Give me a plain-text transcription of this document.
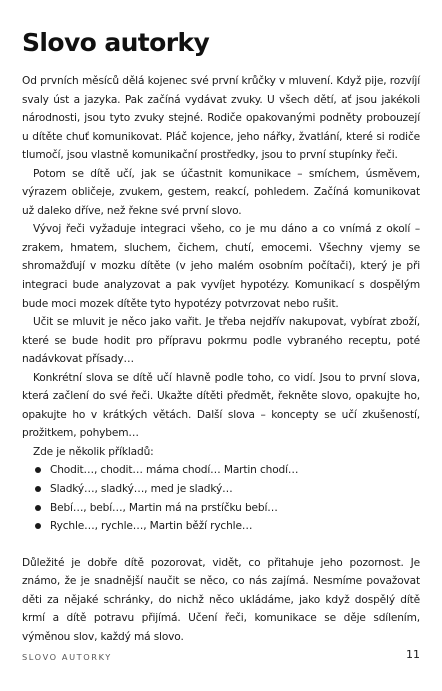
Slovo autorky

Od prvních měsíců dělá kojenec své první krůčky v mluvení. Když pije, rozvíjí svaly úst a jazyka. Pak začíná vydávat zvuky. U všech dětí, ať jsou jakékoli národnosti, jsou tyto zvuky stejné. Rodiče opakovanými podněty probouzejí u dítěte chuť komunikovat. Pláč kojence, jeho nářky, žvatlání, které si rodiče tlumočí, jsou vlastně komunikační prostředky, jsou to první stupínky řeči.

Potom se dítě učí, jak se účastnit komunikace – smíchem, úsměvem, výrazem obličeje, zvukem, gestem, reakcí, pohledem. Začíná komunikovat už daleko dříve, než řekne své první slovo.

Vývoj řeči vyžaduje integraci všeho, co je mu dáno a co vnímá z okolí – zrakem, hmatem, sluchem, čichem, chutí, emocemi. Všechny vjemy se shromažďují v mozku dítěte (v jeho malém osobním počítači), který je při integraci bude analyzovat a pak vyvíjet hypotézy. Komunikací s dospělým bude moci mozek dítěte tyto hypotézy potvrzovat nebo rušit.

Učit se mluvit je něco jako vařit. Je třeba nejdřív nakupovat, vybírat zboží, které se bude hodit pro přípravu pokrmu podle vybraného receptu, poté nadávkovat přísady…

Konkrétní slova se dítě učí hlavně podle toho, co vidí. Jsou to první slova, která začlení do své řeči. Ukažte dítěti předmět, řekněte slovo, opakujte ho, opakujte ho v krátkých větách. Další slova – koncepty se učí zkušeností, prožitkem, pohybem…

Zde je několik příkladů:

Chodit…, chodit… máma chodí… Martin chodí…
Sladký…, sladký…, med je sladký…
Bebí…, bebí…, Martin má na prstíčku bebí…
Rychle…, rychle…, Martin běží rychle…

Důležité je dobře dítě pozorovat, vidět, co přitahuje jeho pozornost. Je známo, že je snadnější naučit se něco, co nás zajímá. Nesmíme považovat děti za nějaké schránky, do nichž něco ukládáme, jako když dospělý dítě krmí a dítě potravu přijímá. Učení řeči, komunikace se děje sdílením, výměnou slov, každý má slovo.

SLOVO AUTORKY	11
